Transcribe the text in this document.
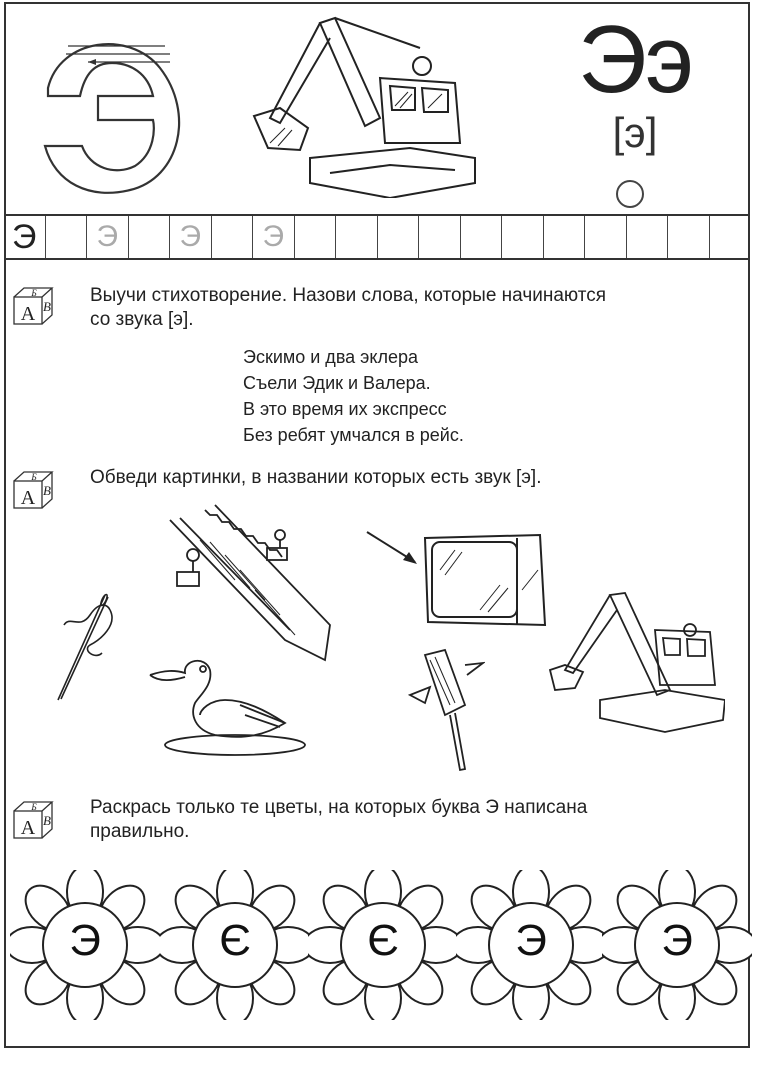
Ээ
[э]
Э	Э	Э	Э
А
Б
В
Выучи стихотворение. Назови слова, которые начинаются
со звука [э].
Эскимо и два эклера
Съели Эдик и Валера.
В это время их экспресс
Без ребят умчался в рейс.
А
Б
В
Обведи картинки, в названии которых есть звук [э].
А
Б
В
Раскрась только те цветы, на которых буква Э написана
правильно.
Э	Є	Є	Э	Э
